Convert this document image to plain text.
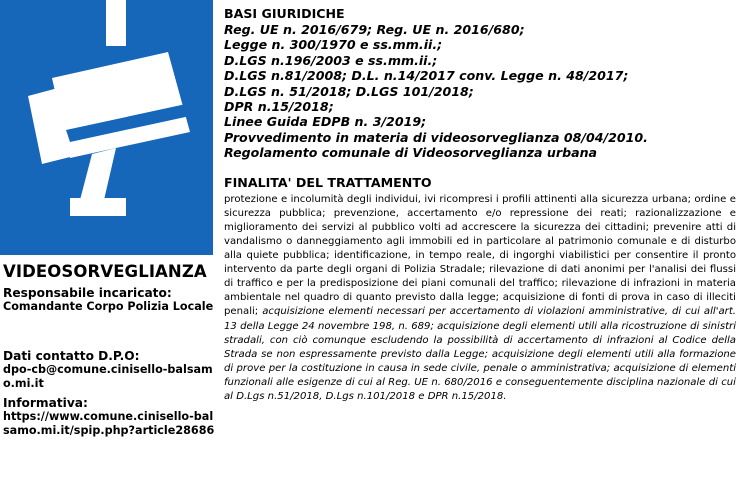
VIDEOSORVEGLIANZA
Responsabile incaricato:
Comandante Corpo Polizia Locale
Dati contatto D.P.O:
dpo-cb@comune.cinisello-balsamo.mi.it
Informativa:
https://www.comune.cinisello-balsamo.mi.it/spip.php?article28686
BASI GIURIDICHE
Reg. UE n. 2016/679; Reg. UE n. 2016/680;
Legge n. 300/1970 e ss.mm.ii.;
D.LGS n.196/2003 e ss.mm.ii.;
D.LGS n.81/2008; D.L. n.14/2017 conv. Legge n. 48/2017;
D.LGS n. 51/2018; D.LGS 101/2018;
DPR n.15/2018;
Linee Guida EDPB n. 3/2019;
Provvedimento in materia di videosorveglianza 08/04/2010.
Regolamento comunale di Videosorveglianza urbana
FINALITA' DEL TRATTAMENTO
protezione e incolumità degli individui, ivi ricompresi i profili attinenti alla sicurezza urbana; ordine e sicurezza pubblica; prevenzione, accertamento e/o repressione dei reati; razionalizzazione e miglioramento dei servizi al pubblico volti ad accrescere la sicurezza dei cittadini; prevenire atti di vandalismo o danneggiamento agli immobili ed in particolare al patrimonio comunale e di disturbo alla quiete pubblica; identificazione, in tempo reale, di ingorghi viabilistici per consentire il pronto intervento da parte degli organi di Polizia Stradale; rilevazione di dati anonimi per l'analisi dei flussi di traffico e per la predisposizione dei piani comunali del traffico; rilevazione di infrazioni in materia ambientale nel quadro di quanto previsto dalla legge; acquisizione di fonti di prova in caso di illeciti penali; acquisizione elementi necessari per accertamento di violazioni amministrative, di cui all'art. 13 della Legge 24 novembre 198, n. 689; acquisizione degli elementi utili alla ricostruzione di sinistri stradali, con ciò comunque escludendo la possibilità di accertamento di infrazioni al Codice della Strada se non espressamente previsto dalla Legge; acquisizione degli elementi utili alla formazione di prove per la costituzione in causa in sede civile, penale o amministrativa; acquisizione di elementi funzionali alle esigenze di cui al Reg. UE n. 680/2016 e conseguentemente disciplina nazionale di cui al D.Lgs n.51/2018, D.Lgs n.101/2018 e DPR n.15/2018.
